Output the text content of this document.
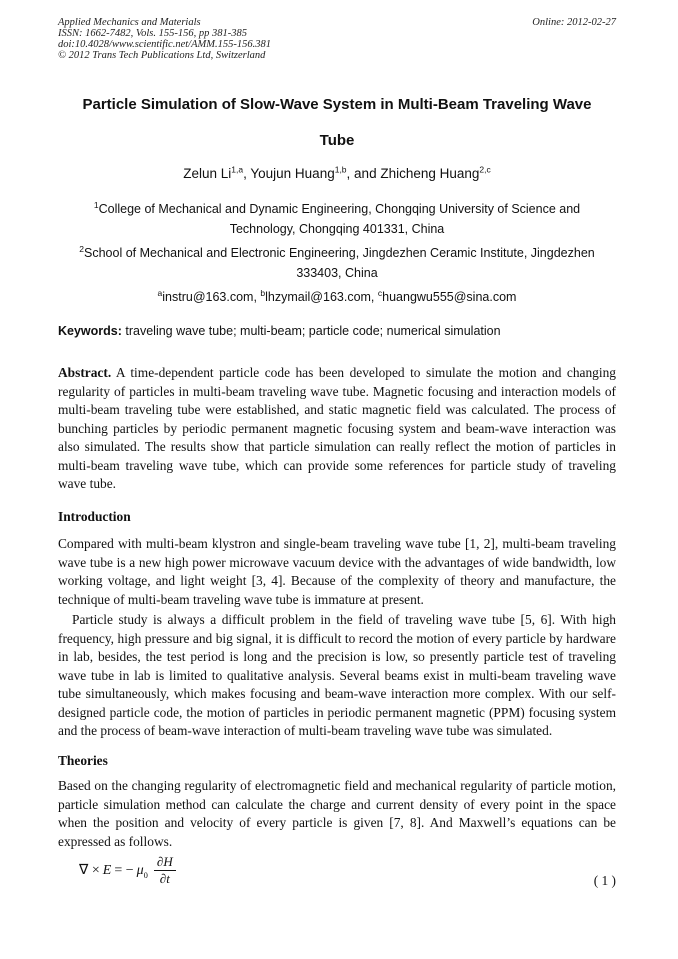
Applied Mechanics and Materials
ISSN: 1662-7482, Vols. 155-156, pp 381-385
doi:10.4028/www.scientific.net/AMM.155-156.381
© 2012 Trans Tech Publications Ltd, Switzerland
Online: 2012-02-27
Particle Simulation of Slow-Wave System in Multi-Beam Traveling Wave
Tube
Zelun Li$^{1,a}$, Youjun Huang$^{1,b}$, and Zhicheng Huang$^{2,c}$
$^1$College of Mechanical and Dynamic Engineering, Chongqing University of Science and Technology, Chongqing 401331, China
$^2$School of Mechanical and Electronic Engineering, Jingdezhen Ceramic Institute, Jingdezhen 333403, China
$^a$instru@163.com, $^b$lhzymail@163.com, $^c$huangwu555@sina.com
Keywords: traveling wave tube; multi-beam; particle code; numerical simulation
Abstract. A time-dependent particle code has been developed to simulate the motion and changing regularity of particles in multi-beam traveling wave tube. Magnetic focusing and interaction models of multi-beam traveling tube were established, and static magnetic field was calculated. The process of bunching particles by periodic permanent magnetic focusing system and beam-wave interaction was also simulated. The results show that particle simulation can really reflect the motion of particles in multi-beam traveling wave tube, which can provide some references for particle study of traveling wave tube.
Introduction
Compared with multi-beam klystron and single-beam traveling wave tube [1, 2], multi-beam traveling wave tube is a new high power microwave vacuum device with the advantages of wide bandwidth, low working voltage, and light weight [3, 4]. Because of the complexity of theory and manufacture, the technique of multi-beam traveling wave tube is immature at present.
Particle study is always a difficult problem in the field of traveling wave tube [5, 6]. With high frequency, high pressure and big signal, it is difficult to record the motion of every particle by hardware in lab, besides, the test period is long and the precision is low, so presently particle test of traveling wave tube in lab is limited to qualitative analysis. Several beams exist in multi-beam traveling wave tube simultaneously, which makes focusing and beam-wave interaction more complex. With our self-designed particle code, the motion of particles in periodic permanent magnetic (PPM) focusing system and the process of beam-wave interaction of multi-beam traveling wave tube was simulated.
Theories
Based on the changing regularity of electromagnetic field and mechanical regularity of particle motion, particle simulation method can calculate the charge and current density of every point in the space when the position and velocity of every particle is given [7, 8]. And Maxwell’s equations can be expressed as follows.
∇ × E = − μ $0 \frac{\partial H}{\partial t}$	( 1 )
